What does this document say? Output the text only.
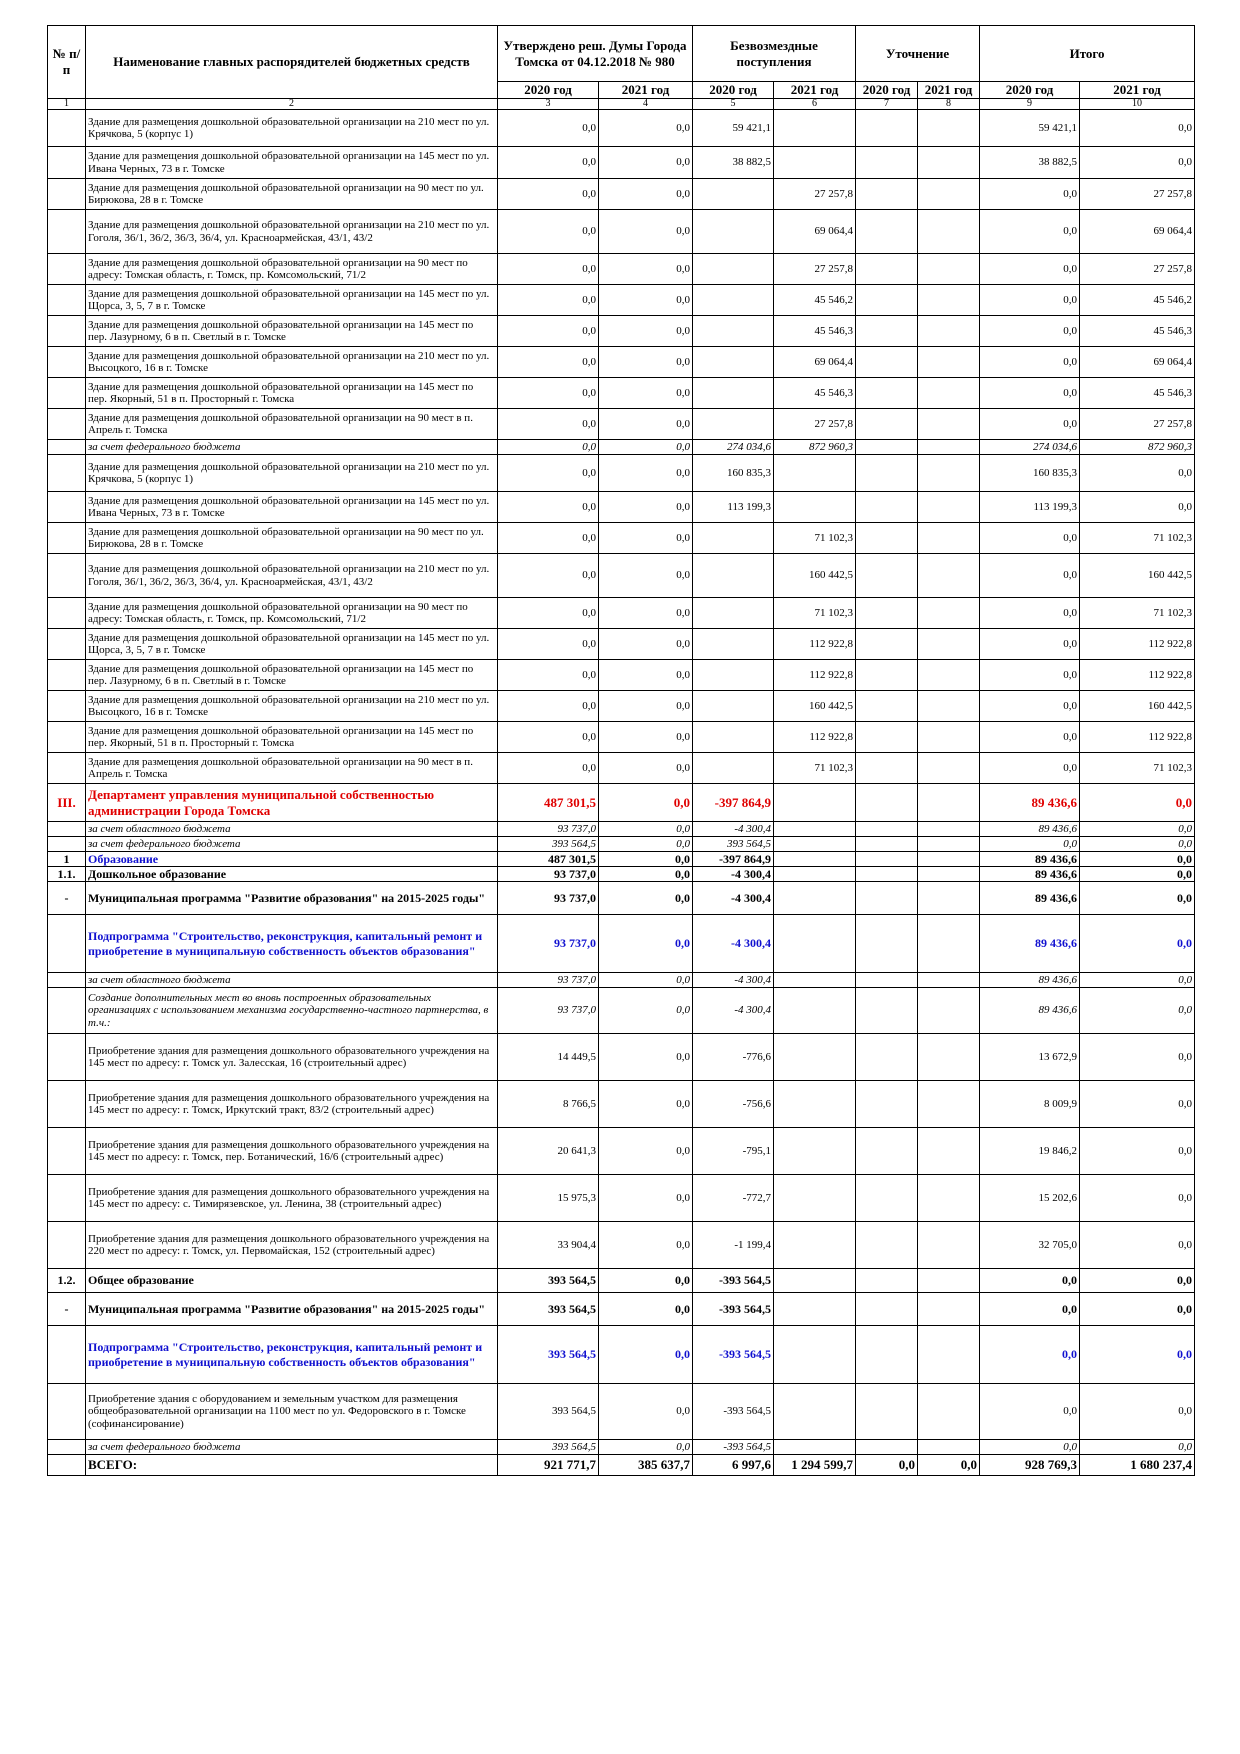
№ п/п	Наименование главных распорядителей бюджетных средств	Утверждено реш. Думы Города Томска от 04.12.2018 № 980		Безвозмездные поступления		Уточнение		Итого	
		2020 год	2021 год	2020 год	2021 год	2020 год	2021 год	2020 год	2021 год
1	2	3	4	5	6	7	8	9	10
	Здание для размещения дошкольной образовательной организации на 210 мест по ул. Крячкова, 5 (корпус 1)	0,0	0,0	59 421,1				59 421,1	0,0
	Здание для размещения дошкольной образовательной организации на 145 мест по ул. Ивана Черных, 73 в г. Томске	0,0	0,0	38 882,5				38 882,5	0,0
	Здание для размещения дошкольной образовательной организации на 90 мест по ул. Бирюкова, 28 в г. Томске	0,0	0,0		27 257,8			0,0	27 257,8
	Здание для размещения дошкольной образовательной организации на 210 мест по ул. Гоголя, 36/1, 36/2, 36/3, 36/4, ул. Красноармейская, 43/1, 43/2	0,0	0,0		69 064,4			0,0	69 064,4
	Здание для размещения дошкольной образовательной организации на 90 мест по адресу: Томская область, г. Томск, пр. Комсомольский, 71/2	0,0	0,0		27 257,8			0,0	27 257,8
	Здание для размещения дошкольной образовательной организации на 145 мест по ул. Щорса, 3, 5, 7 в г. Томске	0,0	0,0		45 546,2			0,0	45 546,2
	Здание для размещения дошкольной образовательной организации на 145 мест по пер. Лазурному, 6 в п. Светлый в г. Томске	0,0	0,0		45 546,3			0,0	45 546,3
	Здание для размещения дошкольной образовательной организации на 210 мест по ул. Высоцкого, 16 в г. Томске	0,0	0,0		69 064,4			0,0	69 064,4
	Здание для размещения дошкольной образовательной организации на 145 мест по пер. Якорный, 51 в п. Просторный г. Томска	0,0	0,0		45 546,3			0,0	45 546,3
	Здание для размещения дошкольной образовательной организации на 90 мест в п. Апрель г. Томска	0,0	0,0		27 257,8			0,0	27 257,8
	за счет федерального бюджета	0,0	0,0	274 034,6	872 960,3			274 034,6	872 960,3
	Здание для размещения дошкольной образовательной организации на 210 мест по ул. Крячкова, 5 (корпус 1)	0,0	0,0	160 835,3				160 835,3	0,0
	Здание для размещения дошкольной образовательной организации на 145 мест по ул. Ивана Черных, 73 в г. Томске	0,0	0,0	113 199,3				113 199,3	0,0
	Здание для размещения дошкольной образовательной организации на 90 мест по ул. Бирюкова, 28 в г. Томске	0,0	0,0		71 102,3			0,0	71 102,3
	Здание для размещения дошкольной образовательной организации на 210 мест по ул. Гоголя, 36/1, 36/2, 36/3, 36/4, ул. Красноармейская, 43/1, 43/2	0,0	0,0		160 442,5			0,0	160 442,5
	Здание для размещения дошкольной образовательной организации на 90 мест по адресу: Томская область, г. Томск, пр. Комсомольский, 71/2	0,0	0,0		71 102,3			0,0	71 102,3
	Здание для размещения дошкольной образовательной организации на 145 мест по ул. Щорса, 3, 5, 7 в г. Томске	0,0	0,0		112 922,8			0,0	112 922,8
	Здание для размещения дошкольной образовательной организации на 145 мест по пер. Лазурному, 6 в п. Светлый в г. Томске	0,0	0,0		112 922,8			0,0	112 922,8
	Здание для размещения дошкольной образовательной организации на 210 мест по ул. Высоцкого, 16 в г. Томске	0,0	0,0		160 442,5			0,0	160 442,5
	Здание для размещения дошкольной образовательной организации на 145 мест по пер. Якорный, 51 в п. Просторный г. Томска	0,0	0,0		112 922,8			0,0	112 922,8
	Здание для размещения дошкольной образовательной организации на 90 мест в п. Апрель г. Томска	0,0	0,0		71 102,3			0,0	71 102,3
III.	Департамент управления муниципальной собственностью администрации Города Томска	487 301,5	0,0	-397 864,9				89 436,6	0,0
	за счет областного бюджета	93 737,0	0,0	-4 300,4				89 436,6	0,0
	за счет федерального бюджета	393 564,5	0,0	393 564,5				0,0	0,0
1	Образование	487 301,5	0,0	-397 864,9				89 436,6	0,0
1.1.	Дошкольное образование	93 737,0	0,0	-4 300,4				89 436,6	0,0
-	Муниципальная программа "Развитие образования" на 2015-2025 годы"	93 737,0	0,0	-4 300,4				89 436,6	0,0
	Подпрограмма "Строительство, реконструкция, капитальный ремонт и приобретение в муниципальную собственность объектов образования"	93 737,0	0,0	-4 300,4				89 436,6	0,0
	за счет областного бюджета	93 737,0	0,0	-4 300,4				89 436,6	0,0
	Создание дополнительных мест во вновь построенных образовательных организациях с использованием механизма государственно-частного партнерства, в т.ч.:	93 737,0	0,0	-4 300,4				89 436,6	0,0
	Приобретение здания для размещения дошкольного образовательного учреждения на 145 мест по адресу: г. Томск ул. Залесская, 16 (строительный адрес)	14 449,5	0,0	-776,6				13 672,9	0,0
	Приобретение здания для размещения дошкольного образовательного учреждения на 145 мест по адресу: г. Томск, Иркутский тракт, 83/2 (строительный адрес)	8 766,5	0,0	-756,6				8 009,9	0,0
	Приобретение здания для размещения дошкольного образовательного учреждения на 145 мест по адресу: г. Томск, пер. Ботанический, 16/6 (строительный адрес)	20 641,3	0,0	-795,1				19 846,2	0,0
	Приобретение здания для размещения дошкольного образовательного учреждения на 145 мест по адресу: с. Тимирязевское, ул. Ленина, 38 (строительный адрес)	15 975,3	0,0	-772,7				15 202,6	0,0
	Приобретение здания для размещения дошкольного образовательного учреждения на 220 мест по адресу: г. Томск, ул. Первомайская, 152 (строительный адрес)	33 904,4	0,0	-1 199,4				32 705,0	0,0
1.2.	Общее образование	393 564,5	0,0	-393 564,5				0,0	0,0
-	Муниципальная программа "Развитие образования" на 2015-2025 годы"	393 564,5	0,0	-393 564,5				0,0	0,0
	Подпрограмма "Строительство, реконструкция, капитальный ремонт и приобретение в муниципальную собственность объектов образования"	393 564,5	0,0	-393 564,5				0,0	0,0
	Приобретение здания с оборудованием и земельным участком для размещения общеобразовательной организации на 1100 мест по ул. Федоровского в г. Томске (софинансирование)	393 564,5	0,0	-393 564,5				0,0	0,0
	за счет федерального бюджета	393 564,5	0,0	-393 564,5				0,0	0,0
	ВСЕГО:	921 771,7	385 637,7	6 997,6	1 294 599,7	0,0	0,0	928 769,3	1 680 237,4
